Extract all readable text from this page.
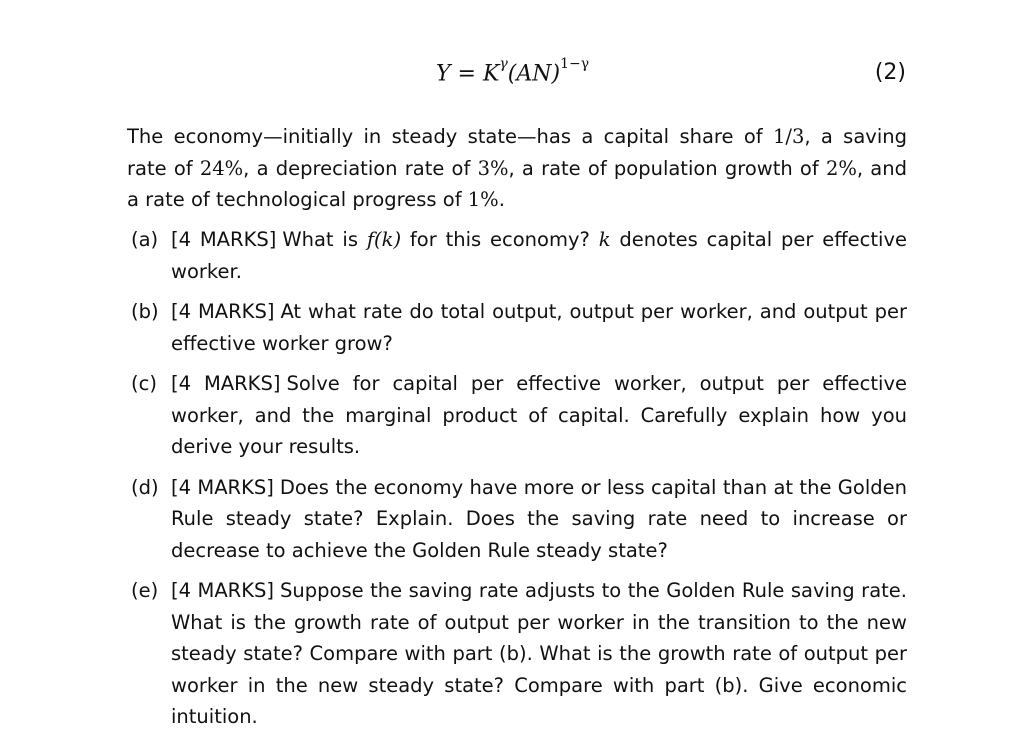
$Y = K^\gamma(AN)^{1-\gamma}$	(2)
The economy—initially in steady state—has a capital share of 1/3, a saving rate of 24%, a depreciation rate of 3%, a rate of population growth of 2%, and a rate of technological progress of 1%.
(a) [4 MARKS] What is f(k) for this economy? k denotes capital per effective worker.
(b) [4 MARKS] At what rate do total output, output per worker, and output per effective worker grow?
(c) [4 MARKS] Solve for capital per effective worker, output per effective worker, and the marginal product of capital. Carefully explain how you derive your results.
(d) [4 MARKS] Does the economy have more or less capital than at the Golden Rule steady state? Explain. Does the saving rate need to increase or decrease to achieve the Golden Rule steady state?
(e) [4 MARKS] Suppose the saving rate adjusts to the Golden Rule saving rate. What is the growth rate of output per worker in the transition to the new steady state? Compare with part (b). What is the growth rate of output per worker in the new steady state? Compare with part (b). Give economic intuition.
